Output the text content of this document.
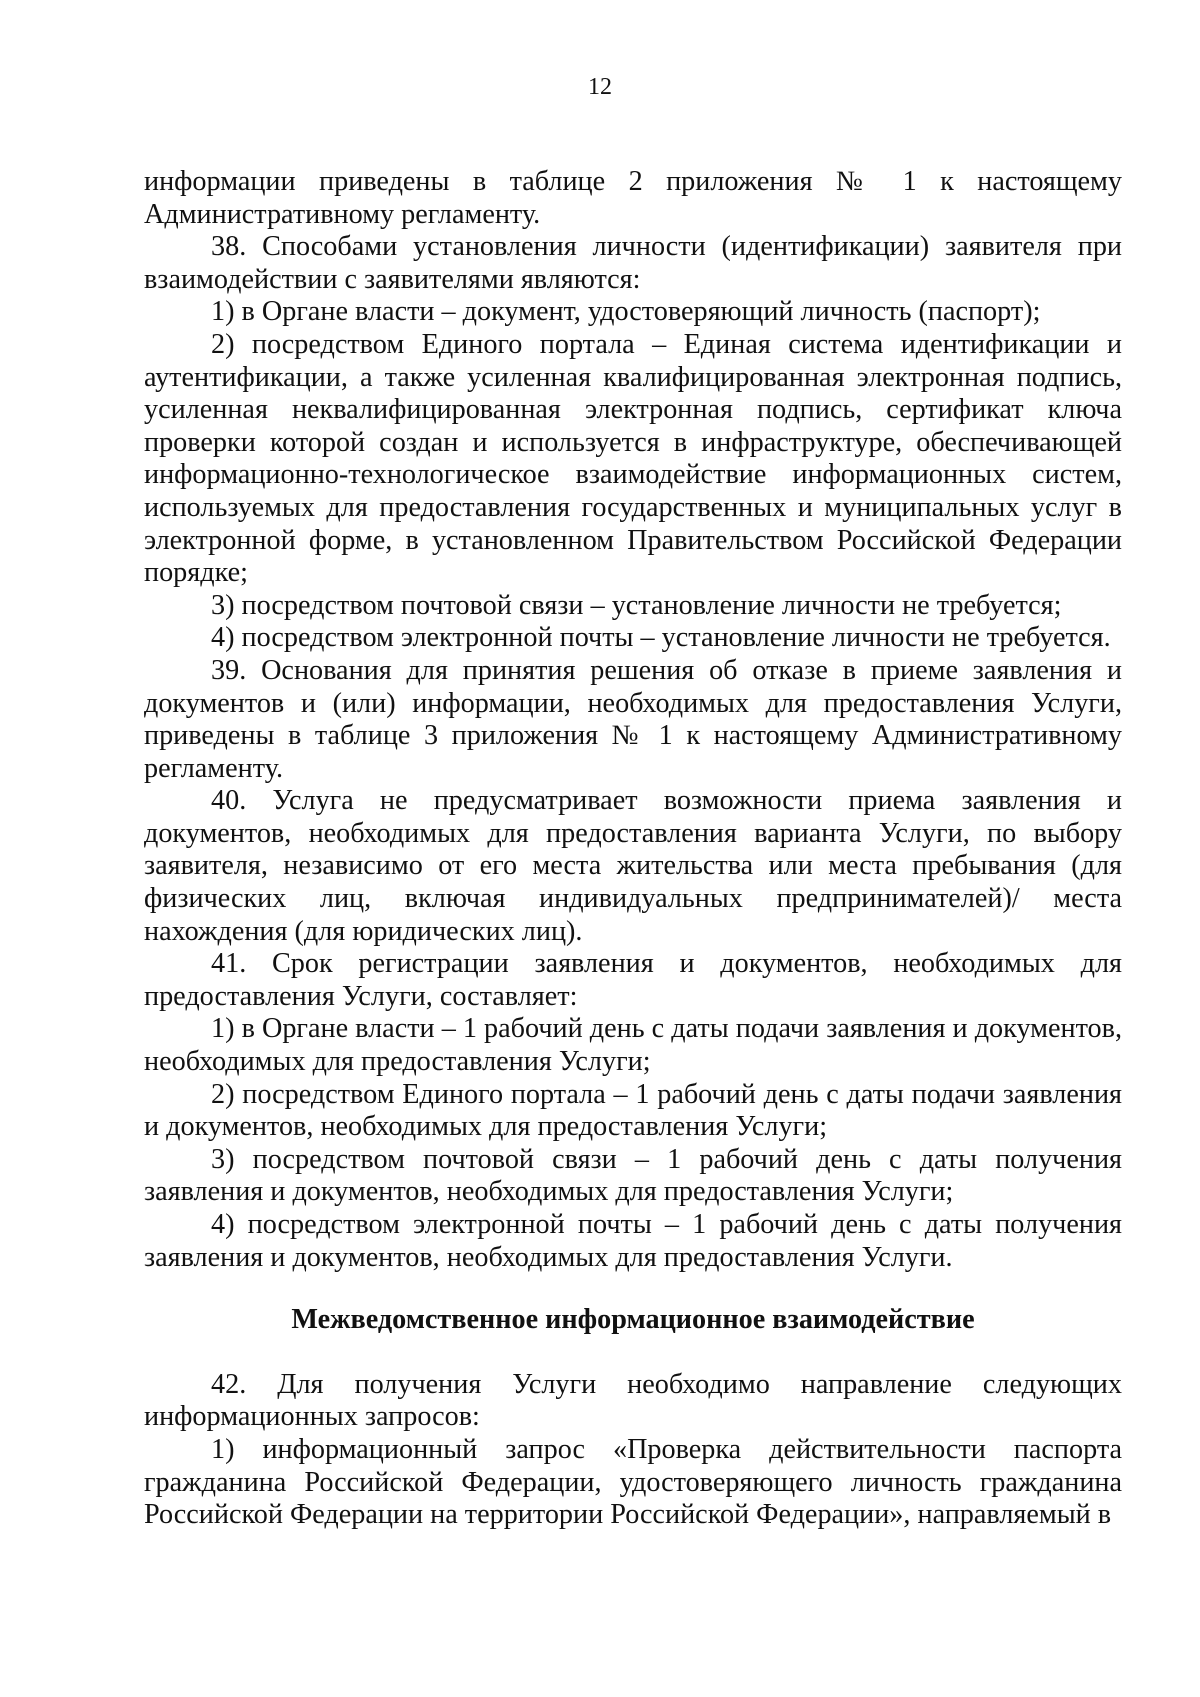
12

информации приведены в таблице 2 приложения № 1 к настоящему Административному регламенту.

38. Способами установления личности (идентификации) заявителя при взаимодействии с заявителями являются:

1) в Органе власти – документ, удостоверяющий личность (паспорт);

2) посредством Единого портала – Единая система идентификации и аутентификации, а также усиленная квалифицированная электронная подпись, усиленная неквалифицированная электронная подпись, сертификат ключа проверки которой создан и используется в инфраструктуре, обеспечивающей информационно-технологическое взаимодействие информационных систем, используемых для предоставления государственных и муниципальных услуг в электронной форме, в установленном Правительством Российской Федерации порядке;

3) посредством почтовой связи – установление личности не требуется;

4) посредством электронной почты – установление личности не требуется.

39. Основания для принятия решения об отказе в приеме заявления и документов и (или) информации, необходимых для предоставления Услуги, приведены в таблице 3 приложения № 1 к настоящему Административному регламенту.

40. Услуга не предусматривает возможности приема заявления и документов, необходимых для предоставления варианта Услуги, по выбору заявителя, независимо от его места жительства или места пребывания (для физических лиц, включая индивидуальных предпринимателей)/ места нахождения (для юридических лиц).

41. Срок регистрации заявления и документов, необходимых для предоставления Услуги, составляет:

1) в Органе власти – 1 рабочий день с даты подачи заявления и документов, необходимых для предоставления Услуги;

2) посредством Единого портала – 1 рабочий день с даты подачи заявления и документов, необходимых для предоставления Услуги;

3) посредством почтовой связи – 1 рабочий день с даты получения заявления и документов, необходимых для предоставления Услуги;

4) посредством электронной почты – 1 рабочий день с даты получения заявления и документов, необходимых для предоставления Услуги.

Межведомственное информационное взаимодействие

42. Для получения Услуги необходимо направление следующих информационных запросов:

1) информационный запрос «Проверка действительности паспорта гражданина Российской Федерации, удостоверяющего личность гражданина Российской Федерации на территории Российской Федерации», направляемый в
